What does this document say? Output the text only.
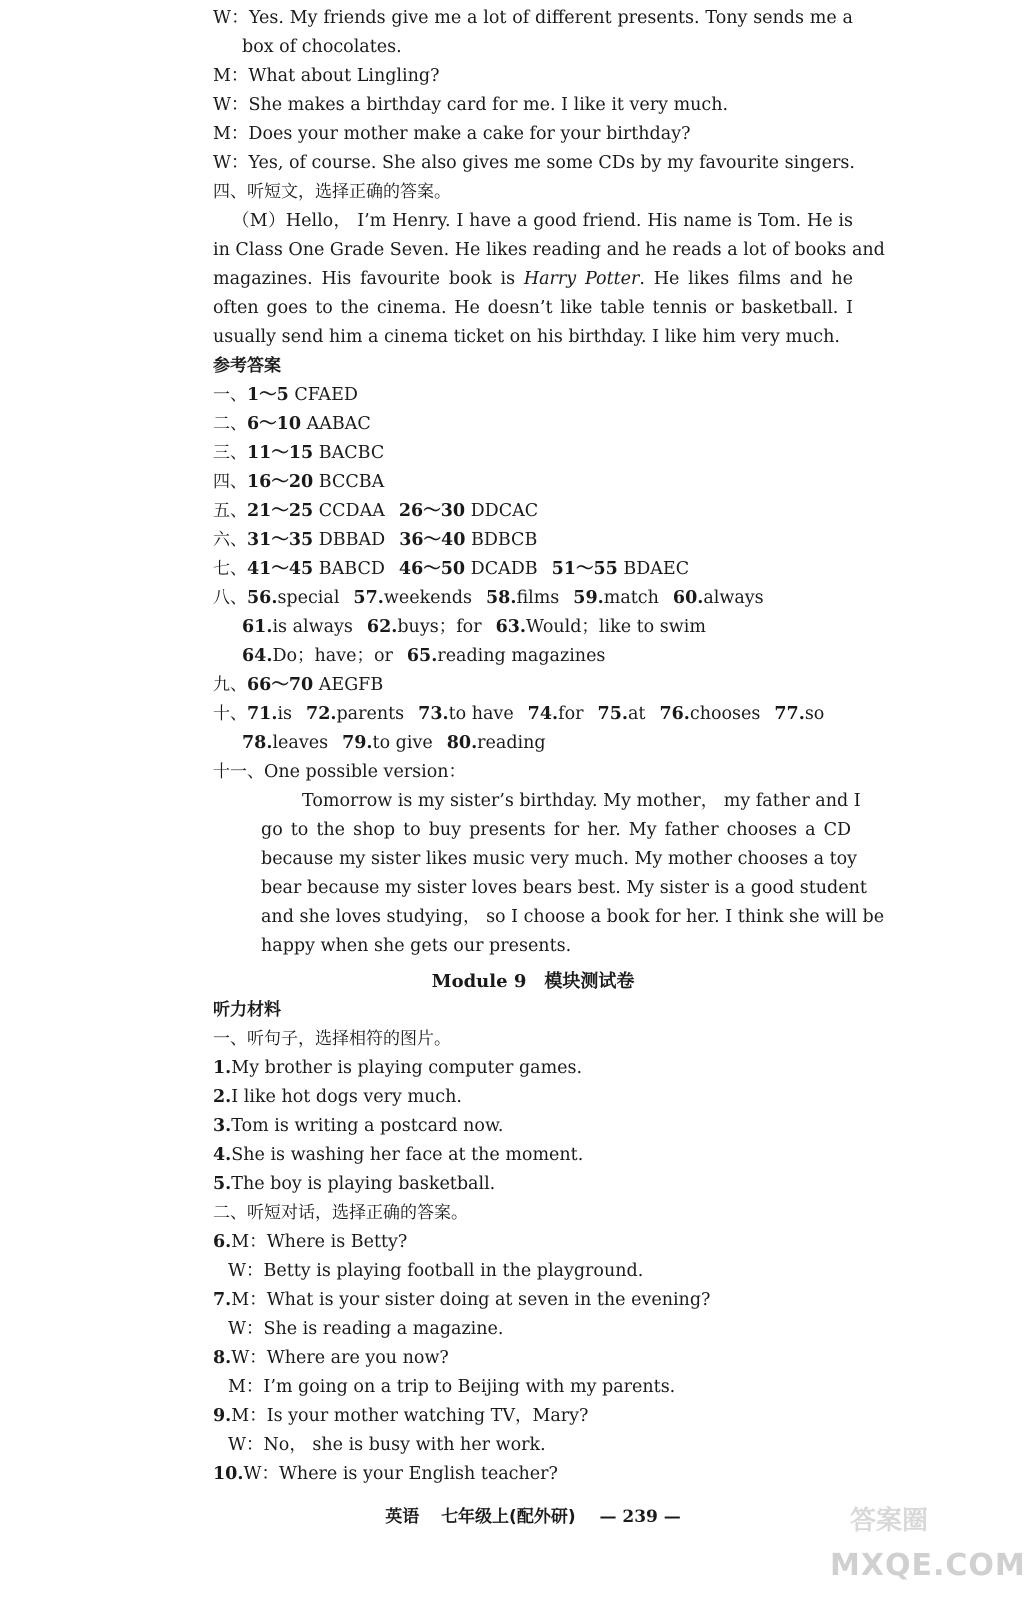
W：Yes. My friends give me a lot of different presents. Tony sends me a
box of chocolates.
M：What about Lingling?
W：She makes a birthday card for me. I like it very much.
M：Does your mother make a cake for your birthday?
W：Yes, of course. She also gives me some CDs by my favourite singers.
四、听短文，选择正确的答案。
（M）Hello， I’m Henry. I have a good friend. His name is Tom. He is
in Class One Grade Seven. He likes reading and he reads a lot of books and
magazines. His favourite book is Harry Potter. He likes films and he
often goes to the cinema. He doesn’t like table tennis or basketball. I
usually send him a cinema ticket on his birthday. I like him very much.
参考答案
一、1～5 CFAED
二、6～10 AABAC
三、11～15 BACBC
四、16～20 BCCBA
五、21～25 CCDAA 26～30 DDCAC
六、31～35 DBBAD 36～40 BDBCB
七、41～45 BABCD 46～50 DCADB 51～55 BDAEC
八、56.special 57.weekends 58.films 59.match 60.always
61.is always 62.buys；for 63.Would；like to swim
64.Do；have；or 65.reading magazines
九、66～70 AEGFB
十、71.is 72.parents 73.to have 74.for 75.at 76.chooses 77.so
78.leaves 79.to give 80.reading
十一、One possible version：
Tomorrow is my sister’s birthday. My mother， my father and I
go to the shop to buy presents for her. My father chooses a CD
because my sister likes music very much. My mother chooses a toy
bear because my sister loves bears best. My sister is a good student
and she loves studying， so I choose a book for her. I think she will be
happy when she gets our presents.
Module 9　模块测试卷
听力材料
一、听句子，选择相符的图片。
1.My brother is playing computer games.
2.I like hot dogs very much.
3.Tom is writing a postcard now.
4.She is washing her face at the moment.
5.The boy is playing basketball.
二、听短对话，选择正确的答案。
6.M：Where is Betty?
W：Betty is playing football in the playground.
7.M：What is your sister doing at seven in the evening?
W：She is reading a magazine.
8.W：Where are you now?
M：I’m going on a trip to Beijing with my parents.
9.M：Is your mother watching TV，Mary?
W：No， she is busy with her work.
10.W：Where is your English teacher?
英语 七年级上(配外研) — 239 —	答案圈
MXQE.COM
